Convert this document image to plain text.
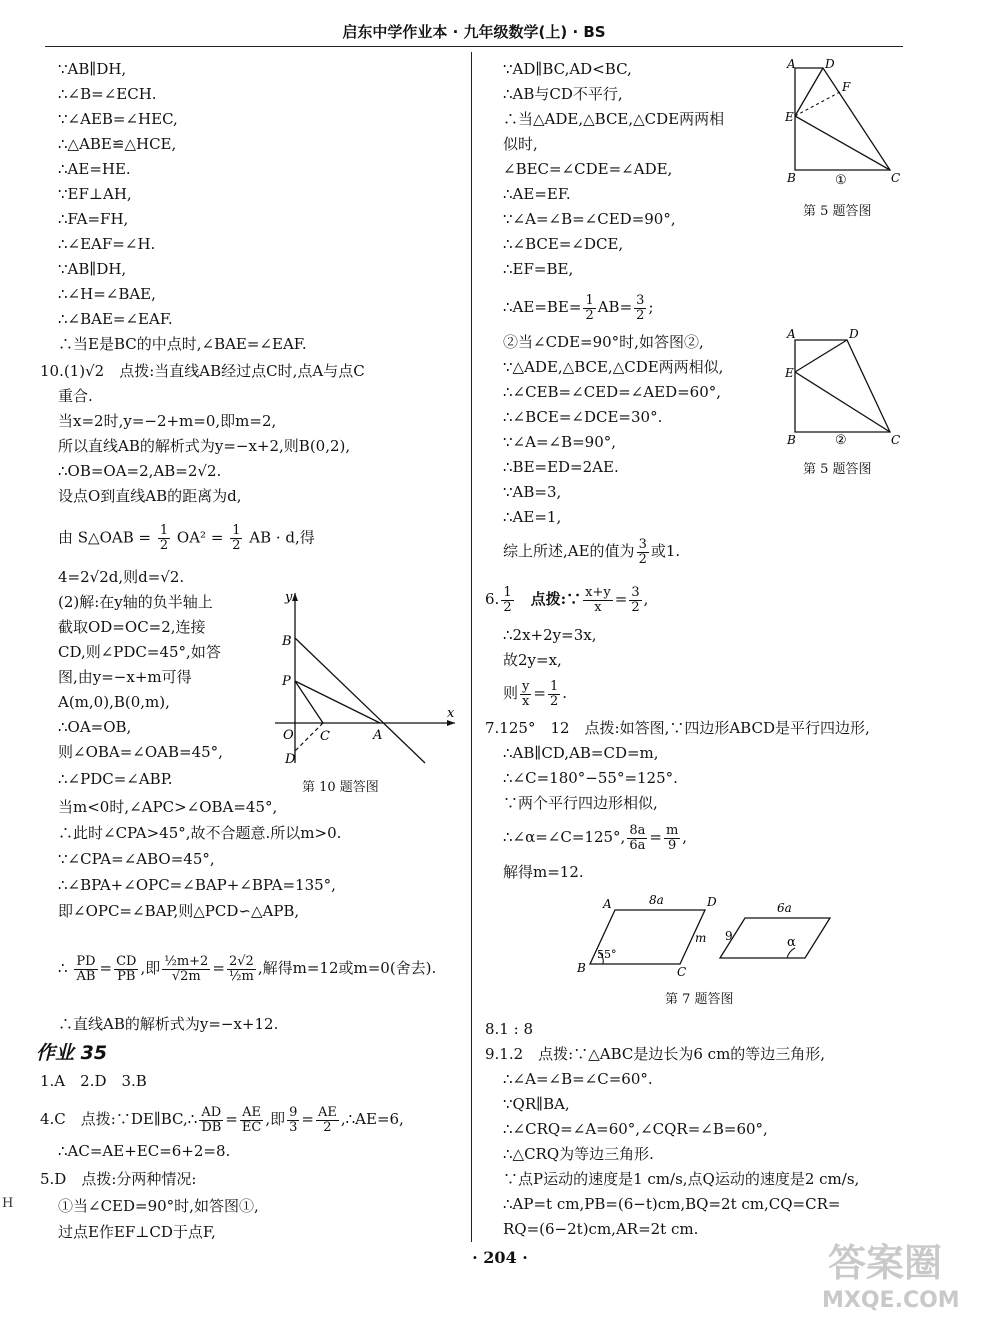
启东中学作业本 · 九年级数学(上) · BS
∵AB∥DH,
∴∠B=∠ECH.
∵∠AEB=∠HEC,
∴△ABE≌△HCE,
∴AE=HE.
∵EF⊥AH,
∴FA=FH,
∴∠EAF=∠H.
∵AB∥DH,
∴∠H=∠BAE,
∴∠BAE=∠EAF.
∴当E是BC的中点时,∠BAE=∠EAF.
10.(1)√2　点拨:当直线AB经过点C时,点A与点C
重合.
当x=2时,y=−2+m=0,即m=2,
所以直线AB的解析式为y=−x+2,则B(0,2),
∴OB=OA=2,AB=2√2.
设点O到直线AB的距离为d,
由 S△OAB = $\frac{1}{2} OA^2 = \frac{1}{2}$ AB · d,得
4=2√2d,则d=√2.
(2)解:在y轴的负半轴上
截取OD=OC=2,连接
CD,则∠PDC=45°,如答
图,由y=−x+m可得
A(m,0),B(0,m),
∴OA=OB,
则∠OBA=∠OAB=45°,
∴∠PDC=∠ABP.
当m<0时,∠APC>∠OBA=45°,
∴此时∠CPA>45°,故不合题意.所以m>0.
∵∠CPA=∠ABO=45°,
∴∠BPA+∠OPC=∠BAP+∠BPA=135°,
即∠OPC=∠BAP,则△PCD∽△APB,
∴ $\frac{PD}{AB} = \frac{CD}{PB}$ ,即 $\frac{\text{½m+2}}{√2m} = \frac{2√2}{\text{½m}}$ ,解得m=12或m=0(舍去).
∴直线AB的解析式为y=−x+12.
作业 35
1.A　2.D　3.B
4.C　点拨:∵DE∥BC,∴ $\frac{AD}{DB} = \frac{AE}{EC}$ ,即 $\frac{9}{3} = \frac{AE}{2}$ ,∴AE=6,
∴AC=AE+EC=6+2=8.
5.D　点拨:分两种情况:
①当∠CED=90°时,如答图①,
过点E作EF⊥CD于点F,
y
B
P
O C	A
x
D
第 10 题答图
∵AD∥BC,AD<BC,
∴AB与CD不平行,
∴当△ADE,△BCE,△CDE两两相
似时,
∠BEC=∠CDE=∠ADE,
∴AE=EF.
∵∠A=∠B=∠CED=90°,
∴∠BCE=∠DCE,
∴EF=BE,
∴AE=BE= $\frac{1}{2} AB= \frac{3}{2}$ ;
②当∠CDE=90°时,如答图②,
∵△ADE,△BCE,△CDE两两相似,
∴∠CEB=∠CED=∠AED=60°,
∴∠BCE=∠DCE=30°.
∵∠A=∠B=90°,
∴BE=ED=2AE.
∵AB=3,
∴AE=1,
综上所述,AE的值为 $\frac{3}{2}$ 或1.
6. $\frac{1}{2}$
　 点拨:∵ $\frac{x+y}{x} = \frac{3}{2}$ ,
∴2x+2y=3x,
故2y=x,
则 $\frac{y}{x} = \frac{1}{2}$ .
7.125°　12　点拨:如答图,∵四边形ABCD是平行四边形,
∴AB∥CD,AB=CD=m,
∴∠C=180°−55°=125°.
∵两个平行四边形相似,
∴∠α=∠C=125°, $\frac{8a}{6a} = \frac{m}{9}$ ,
解得m=12.
8.1 : 8
9.1.2　点拨:∵△ABC是边长为6 cm的等边三角形,
∴∠A=∠B=∠C=60°.
∵QR∥BA,
∴∠CRQ=∠A=60°,∠CQR=∠B=60°,
∴△CRQ为等边三角形.
∵点P运动的速度是1 cm/s,点Q运动的速度是2 cm/s,
∴AP=t cm,PB=(6−t)cm,BQ=2t cm,CQ=CR=
RQ=(6−2t)cm,AR=2t cm.
A D
F
E
B	C
①
第 5 题答图
A	D
E
B	C
②
第 5 题答图
A	8a	D
B
55°
C
m
6a
9	α
第 7 题答图
H
· 204 ·	答案圈
MXQE.COM
